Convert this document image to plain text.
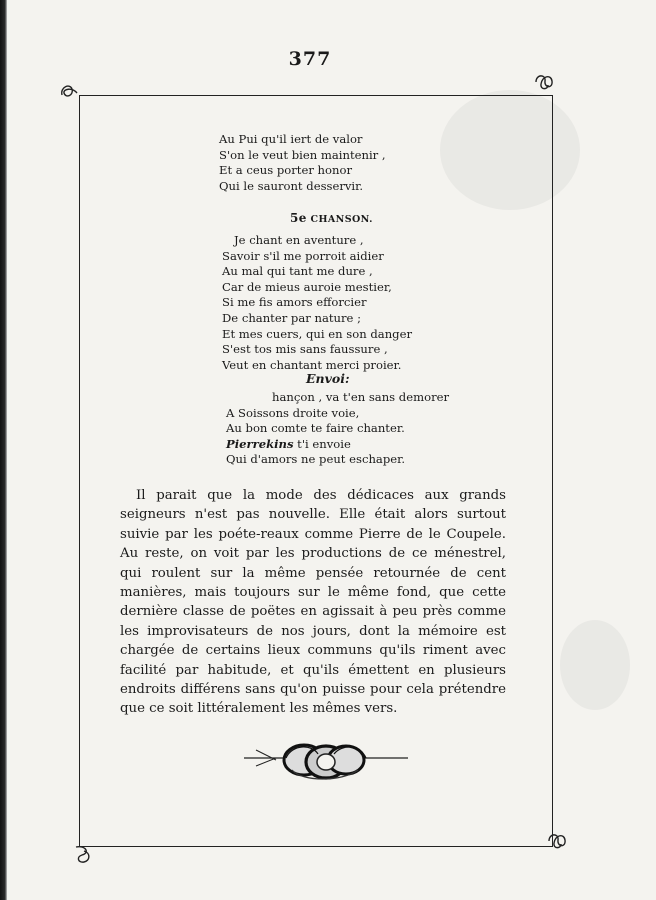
377
Au Pui qu'il iert de valor
S'on le veut bien maintenir ,
Et a ceus porter honor
Qui le sauront desservir.
5e CHANSON.
Je chant en aventure ,
Savoir s'il me porroit aidier
Au mal qui tant me dure ,
Car de mieus auroie mestier,
Si me fis amors efforcier
De chanter par nature ;
Et mes cuers, qui en son danger
S'est tos mis sans faussure ,
Veut en chantant merci proier.
Envoi:
hançon , va t'en sans demorer
A Soissons droite voie,
Au bon comte te faire chanter.
Pierrekins t'i envoie
Qui d'amors ne peut eschaper.

Il parait que la mode des dédicaces aux grands seigneurs n'est pas nouvelle. Elle était alors surtout suivie par les poéte-reaux comme Pierre de le Coupele. Au reste, on voit par les productions de ce ménestrel, qui roulent sur la même pensée retournée de cent manières, mais toujours sur le même fond, que cette dernière classe de poëtes en agissait à peu près comme les improvisateurs de nos jours, dont la mémoire est chargée de certains lieux communs qu'ils riment avec facilité par habitude, et qu'ils émettent en plusieurs endroits différens sans qu'on puisse pour cela prétendre que ce soit littéralement les mêmes vers.
